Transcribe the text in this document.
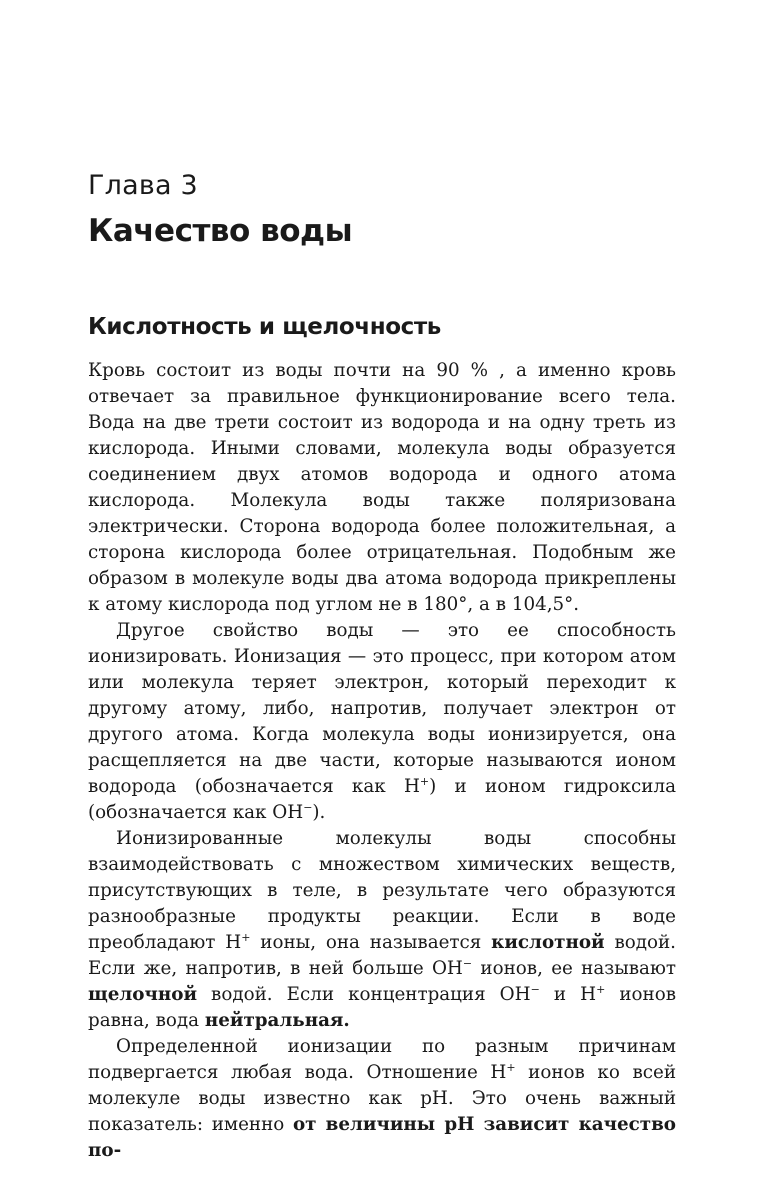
Глава 3
Качество воды
Кислотность и щелочность

Кровь состоит из воды почти на 90 % , а именно кровь отвечает за правильное функционирование всего тела. Вода на две трети состоит из водорода и на одну треть из кислорода. Иными словами, молекула воды образуется соединением двух атомов водорода и одного атома кислорода. Молекула воды также поляризована электрически. Сторона водорода более положительная, а сторона кислорода более отрицательная. Подобным же образом в молекуле воды два атома водорода прикреплены к атому кислорода под углом не в 180°, а в 104,5°.

Другое свойство воды — это ее способность ионизировать. Ионизация — это процесс, при котором атом или молекула теряет электрон, который переходит к другому атому, либо, напротив, получает электрон от другого атома. Когда молекула воды ионизируется, она расщепляется на две части, которые называются ионом водорода (обозначается как H+) и ионом гидроксила (обозначается как OH−).

Ионизированные молекулы воды способны взаимодействовать с множеством химических веществ, присутствующих в теле, в результате чего образуются разнообразные продукты реакции. Если в воде преобладают H+ ионы, она называется кислотной водой. Если же, напротив, в ней больше OH− ионов, ее называют щелочной водой. Если концентрация OH− и H+ ионов равна, вода нейтральная.

Определенной ионизации по разным причинам подвергается любая вода. Отношение H+ ионов ко всей молекуле воды известно как pH. Это очень важный показатель: именно от величины pH зависит качество по-
